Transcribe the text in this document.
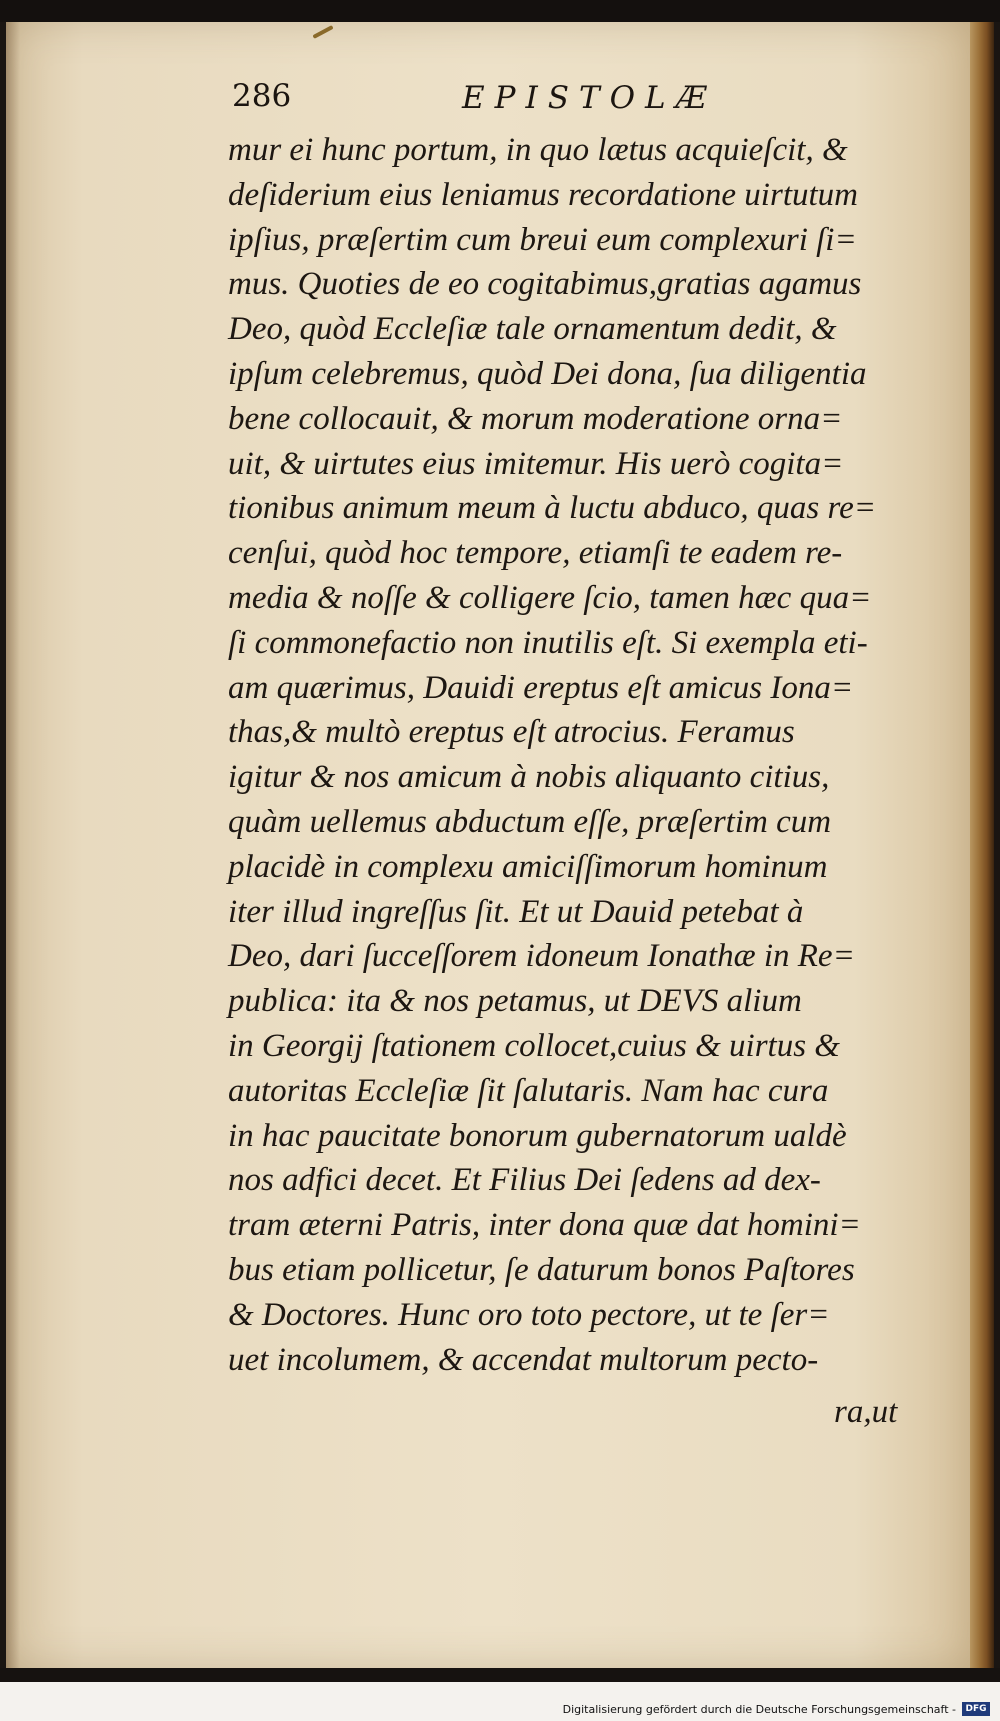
286	EPISTOLÆ
mur ei hunc portum, in quo lætus acquieſcit, &
deſiderium eius leniamus recordatione uirtutum
ipſius, præſertim cum breui eum complexuri ſi=
mus. Quoties de eo cogitabimus,gratias agamus
Deo, quòd Eccleſiæ tale ornamentum dedit, &
ipſum celebremus, quòd Dei dona, ſua diligentia
bene collocauit, & morum moderatione orna=
uit, & uirtutes eius imitemur. His uerò cogita=
tionibus animum meum à luctu abduco, quas re=
cenſui, quòd hoc tempore, etiamſi te eadem re-
media & noſſe & colligere ſcio, tamen hæc qua=
ſi commonefactio non inutilis eſt. Si exempla eti-
am quærimus, Dauidi ereptus eſt amicus Iona=
thas,& multò ereptus eſt atrocius. Feramus
igitur & nos amicum à nobis aliquanto citius,
quàm uellemus abductum eſſe, præſertim cum
placidè in complexu amiciſſimorum hominum
iter illud ingreſſus ſit. Et ut Dauid petebat à
Deo, dari ſucceſſorem idoneum Ionathæ in Re=
publica: ita & nos petamus, ut DEVS alium
in Georgij ſtationem collocet,cuius & uirtus &
autoritas Eccleſiæ ſit ſalutaris. Nam hac cura
in hac paucitate bonorum gubernatorum ualdè
nos adfici decet. Et Filius Dei ſedens ad dex-
tram æterni Patris, inter dona quæ dat homini=
bus etiam pollicetur, ſe daturum bonos Paſtores
& Doctores. Hunc oro toto pectore, ut te ſer=
uet incolumem, & accendat multorum pecto-
ra,ut
Digitalisierung gefördert durch die Deutsche Forschungsgemeinschaft -	DFG
